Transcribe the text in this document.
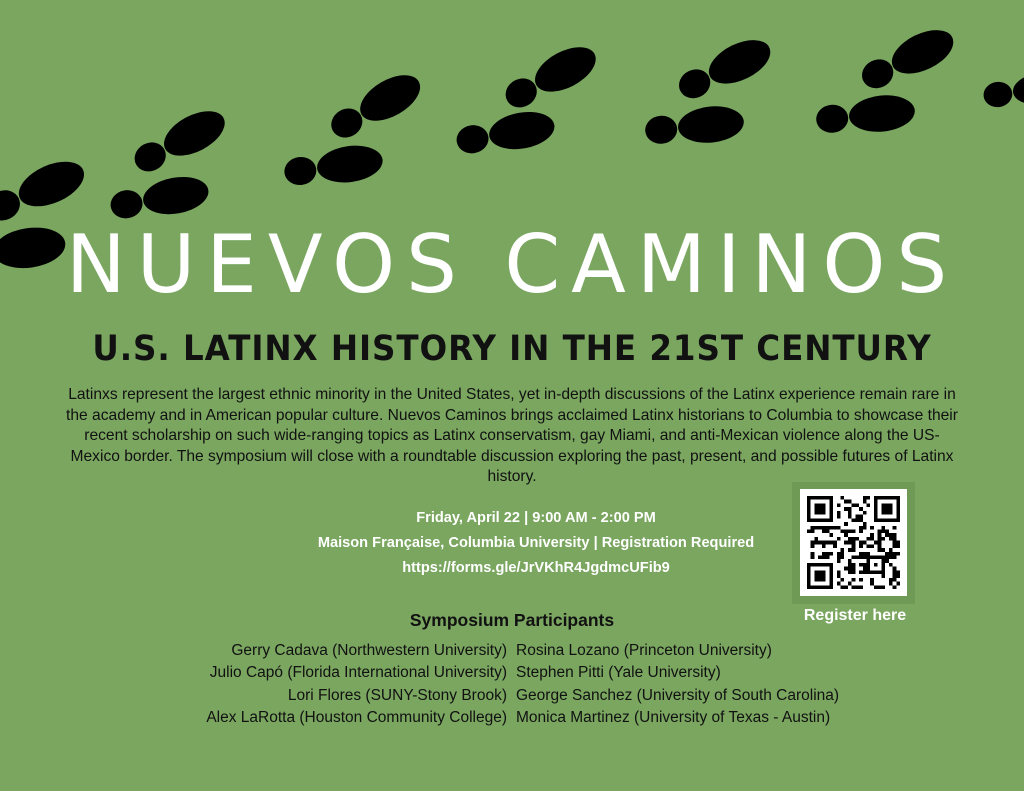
NUEVOS CAMINOS
U.S. LATINX HISTORY IN THE 21ST CENTURY
Latinxs represent the largest ethnic minority in the United States, yet in-depth discussions of the Latinx experience remain rare in the academy and in American popular culture. Nuevos Caminos brings acclaimed Latinx historians to Columbia to showcase their recent scholarship on such wide-ranging topics as Latinx conservatism, gay Miami, and anti-Mexican violence along the US-Mexico border. The symposium will close with a roundtable discussion exploring the past, present, and possible futures of Latinx history.
Friday, April 22 | 9:00 AM - 2:00 PM
Maison Française, Columbia University | Registration Required
https://forms.gle/JrVKhR4JgdmcUFib9
Register here
Symposium Participants
Gerry Cadava (Northwestern University)
Julio Capó (Florida International University)
Lori Flores (SUNY-Stony Brook)
Alex LaRotta (Houston Community College)
Rosina Lozano (Princeton University)
Stephen Pitti (Yale University)
George Sanchez (University of South Carolina)
Monica Martinez (University of Texas - Austin)
